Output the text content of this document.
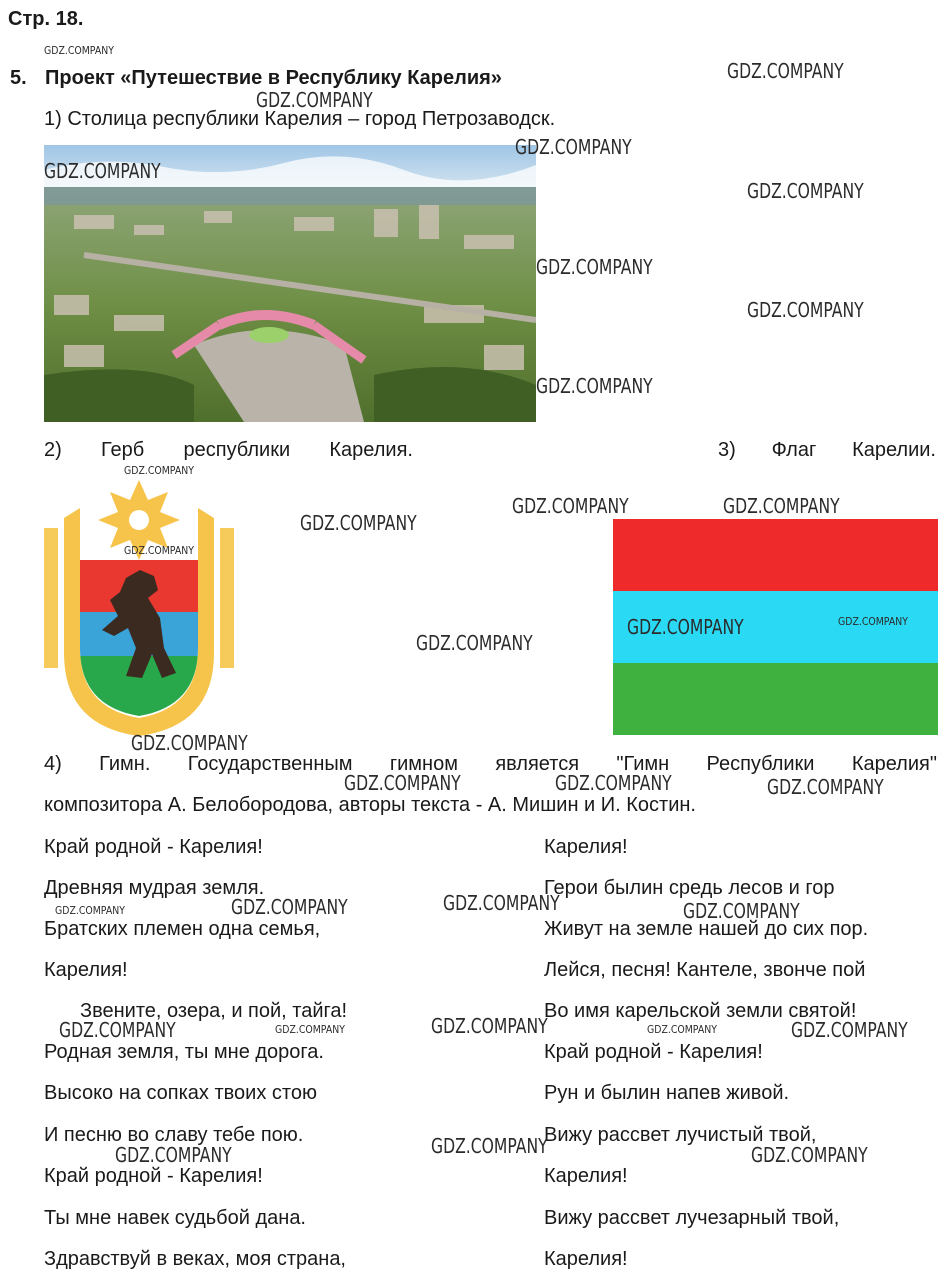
Стр. 18.
5. Проект «Путешествие в Республику Карелия»
1) Столица республики Карелия – город Петрозаводск.
2) Герб республики Карелия.	3) Флаг Карелии.
4) Гимн. Государственным гимном является "Гимн Республики Карелия"
композитора А. Белобородова, авторы текста - А. Мишин и И. Костин.
Край родной - Карелия!
Древняя мудрая земля.
Братских племен одна семья,
Карелия!
Звените, озера, и пой, тайга!
Родная земля, ты мне дорога.
Высоко на сопках твоих стою
И песню во славу тебе пою.
Край родной - Карелия!
Ты мне навек судьбой дана.
Здравствуй в веках, моя страна,
Карелия!
Герои былин средь лесов и гор
Живут на земле нашей до сих пор.
Лейся, песня! Кантеле, звонче пой
Во имя карельской земли святой!
Край родной - Карелия!
Рун и былин напев живой.
Вижу рассвет лучистый твой,
Карелия!
Вижу рассвет лучезарный твой,
Карелия!
GDZ.COMPANY
GDZ.COMPANY
GDZ.COMPANY
GDZ.COMPANY
GDZ.COMPANY
GDZ.COMPANY
GDZ.COMPANY
GDZ.COMPANY
GDZ.COMPANY
GDZ.COMPANY
GDZ.COMPANY	GDZ.COMPANY
GDZ.COMPANY
GDZ.COMPANY
GDZ.COMPANY	GDZ.COMPANY
GDZ.COMPANY
GDZ.COMPANY
GDZ.COMPANY	GDZ.COMPANY	GDZ.COMPANY
GDZ.COMPANY
GDZ.COMPANY	GDZ.COMPANY
GDZ.COMPANY
GDZ.COMPANY	GDZ.COMPANY	GDZ.COMPANY	GDZ.COMPANY	GDZ.COMPANY
GDZ.COMPANY
GDZ.COMPANY	GDZ.COMPANY
